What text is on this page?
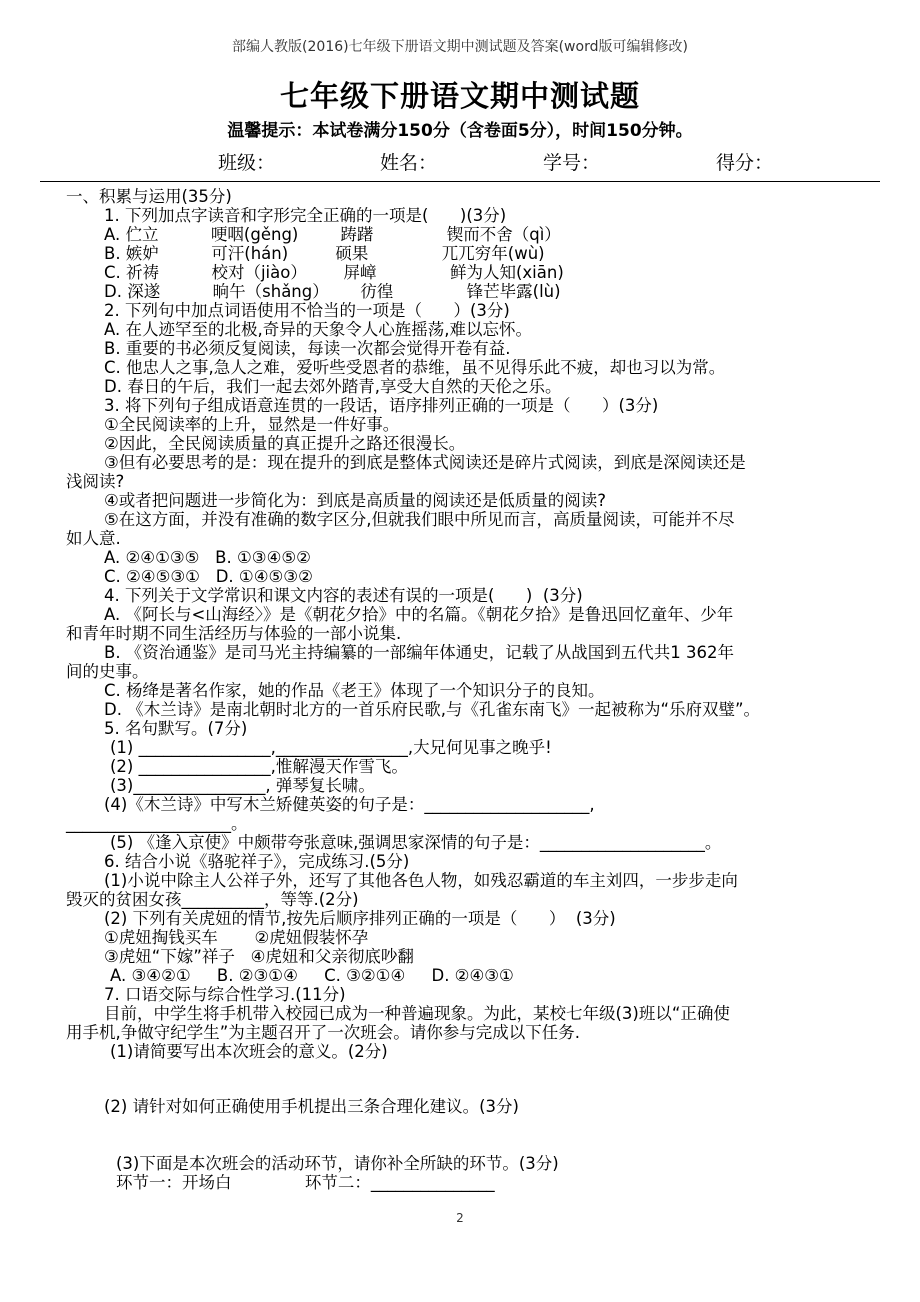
部编人教版(2016)七年级下册语文期中测试题及答案(word版可编辑修改)
七年级下册语文期中测试题
温馨提示：本试卷满分150分（含卷面5分），时间150分钟。
班级：	姓名：	学号：	得分：
一、积累与运用(35分)
1. 下列加点字读音和字形完全正确的一项是(      )(3分)
A. 伫立          哽咽(gěng)        踌躇              锲而不舍（qì）
B. 嫉妒          可汗(hán)         硕果              兀兀穷年(wù)
C. 祈祷          校对（jiào）       屏嶂              鲜为人知(xiān)
D. 深遂          晌午（shǎng）      彷徨              锋芒毕露(lù)
2. 下列句中加点词语使用不恰当的一项是（      ）(3分)
A. 在人迹罕至的北极,奇异的天象令人心旌摇荡,难以忘怀。
B. 重要的书必须反复阅读，每读一次都会觉得开卷有益.
C. 他忠人之事,急人之难，爱听些受恩者的恭维，虽不见得乐此不疲，却也习以为常。
D. 春日的午后，我们一起去郊外踏青,享受大自然的天伦之乐。
3. 将下列句子组成语意连贯的一段话，语序排列正确的一项是（      ）(3分)
①全民阅读率的上升，显然是一件好事。
②因此，全民阅读质量的真正提升之路还很漫长。
③但有必要思考的是：现在提升的到底是整体式阅读还是碎片式阅读，到底是深阅读还是
浅阅读?
④或者把问题进一步简化为：到底是高质量的阅读还是低质量的阅读?
⑤在这方面，并没有准确的数字区分,但就我们眼中所见而言，高质量阅读，可能并不尽
如人意.
A. ②④①③⑤   B. ①③④⑤②
C. ②④⑤③①   D. ①④⑤③②
4. 下列关于文学常识和课文内容的表述有误的一项是(      )  (3分)
A. 《阿长与<山海经〉》是《朝花夕拾》中的名篇。《朝花夕拾》是鲁迅回忆童年、少年
和青年时期不同生活经历与体验的一部小说集.
B. 《资治通鉴》是司马光主持编纂的一部编年体通史，记载了从战国到五代共1 362年
间的史事。
C. 杨绛是著名作家，她的作品《老王》体现了一个知识分子的良知。
D. 《木兰诗》是南北朝时北方的一首乐府民歌,与《孔雀东南飞》一起被称为“乐府双璧”。
5. 名句默写。(7分)
(1) ________________,________________,大兄何见事之晚乎!
(2) ________________,惟解漫天作雪飞。
(3)________________, 弹琴复长啸。
(4)《木兰诗》中写木兰矫健英姿的句子是：____________________,
____________________。
(5) 《逢入京使》中颇带夸张意味,强调思家深情的句子是：____________________。
6. 结合小说《骆驼祥子》，完成练习.(5分)
(1)小说中除主人公祥子外，还写了其他各色人物，如残忍霸道的车主刘四，一步步走向
毁灭的贫困女孩__________，等等.(2分)
(2) 下列有关虎妞的情节,按先后顺序排列正确的一项是（      ）  (3分)
①虎妞掏钱买车       ②虎妞假装怀孕
③虎妞“下嫁”祥子   ④虎妞和父亲彻底吵翻
A. ③④②①     B. ②③①④     C. ③②①④     D. ②④③①
7. 口语交际与综合性学习.(11分)
目前，中学生将手机带入校园已成为一种普遍现象。为此，某校七年级(3)班以“正确使
用手机,争做守纪学生”为主题召开了一次班会。请你参与完成以下任务.
(1)请简要写出本次班会的意义。(2分)
(2) 请针对如何正确使用手机提出三条合理化建议。(3分)
(3)下面是本次班会的活动环节，请你补全所缺的环节。(3分)
环节一：开场白              环节二：_______________
2
